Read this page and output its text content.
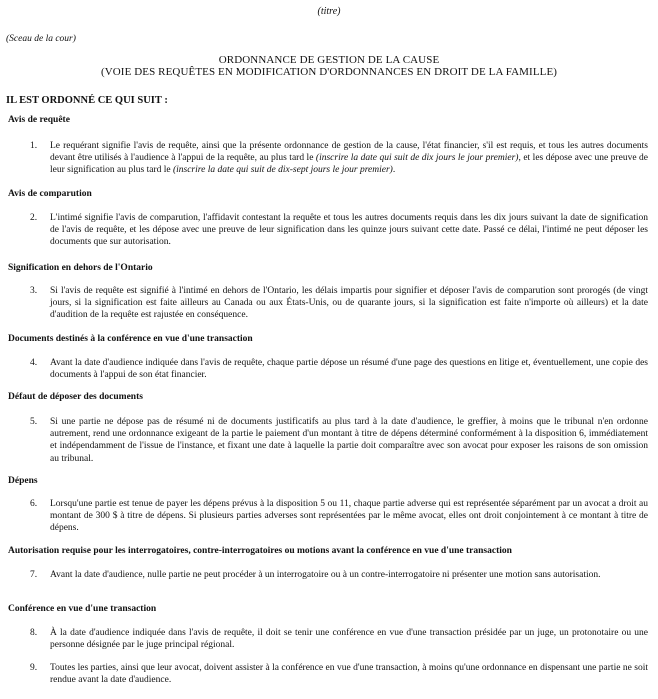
(titre)
(Sceau de la cour)
ORDONNANCE DE GESTION DE LA CAUSE
(VOIE DES REQUÊTES EN MODIFICATION D'ORDONNANCES EN DROIT DE LA FAMILLE)
IL EST ORDONNÉ CE QUI SUIT :
Avis de requête
1. Le requérant signifie l'avis de requête, ainsi que la présente ordonnance de gestion de la cause, l'état financier, s'il est requis, et tous les autres documents devant être utilisés à l'audience à l'appui de la requête, au plus tard le (inscrire la date qui suit de dix jours le jour premier), et les dépose avec une preuve de leur signification au plus tard le (inscrire la date qui suit de dix-sept jours le jour premier).
Avis de comparution
2. L'intimé signifie l'avis de comparution, l'affidavit contestant la requête et tous les autres documents requis dans les dix jours suivant la date de signification de l'avis de requête, et les dépose avec une preuve de leur signification dans les quinze jours suivant cette date. Passé ce délai, l'intimé ne peut déposer les documents que sur autorisation.
Signification en dehors de l'Ontario
3. Si l'avis de requête est signifié à l'intimé en dehors de l'Ontario, les délais impartis pour signifier et déposer l'avis de comparution sont prorogés (de vingt jours, si la signification est faite ailleurs au Canada ou aux États-Unis, ou de quarante jours, si la signification est faite n'importe où ailleurs) et la date d'audition de la requête est rajustée en conséquence.
Documents destinés à la conférence en vue d'une transaction
4. Avant la date d'audience indiquée dans l'avis de requête, chaque partie dépose un résumé d'une page des questions en litige et, éventuellement, une copie des documents à l'appui de son état financier.
Défaut de déposer des documents
5. Si une partie ne dépose pas de résumé ni de documents justificatifs au plus tard à la date d'audience, le greffier, à moins que le tribunal n'en ordonne autrement, rend une ordonnance exigeant de la partie le paiement d'un montant à titre de dépens déterminé conformément à la disposition 6, immédiatement et indépendamment de l'issue de l'instance, et fixant une date à laquelle la partie doit comparaître avec son avocat pour exposer les raisons de son omission au tribunal.
Dépens
6. Lorsqu'une partie est tenue de payer les dépens prévus à la disposition 5 ou 11, chaque partie adverse qui est représentée séparément par un avocat a droit au montant de 300 $ à titre de dépens. Si plusieurs parties adverses sont représentées par le même avocat, elles ont droit conjointement à ce montant à titre de dépens.
Autorisation requise pour les interrogatoires, contre-interrogatoires ou motions avant la conférence en vue d'une transaction
7. Avant la date d'audience, nulle partie ne peut procéder à un interrogatoire ou à un contre-interrogatoire ni présenter une motion sans autorisation.
Conférence en vue d'une transaction
8. À la date d'audience indiquée dans l'avis de requête, il doit se tenir une conférence en vue d'une transaction présidée par un juge, un protonotaire ou une personne désignée par le juge principal régional.
9. Toutes les parties, ainsi que leur avocat, doivent assister à la conférence en vue d'une transaction, à moins qu'une ordonnance en dispensant une partie ne soit rendue avant la date d'audience.
